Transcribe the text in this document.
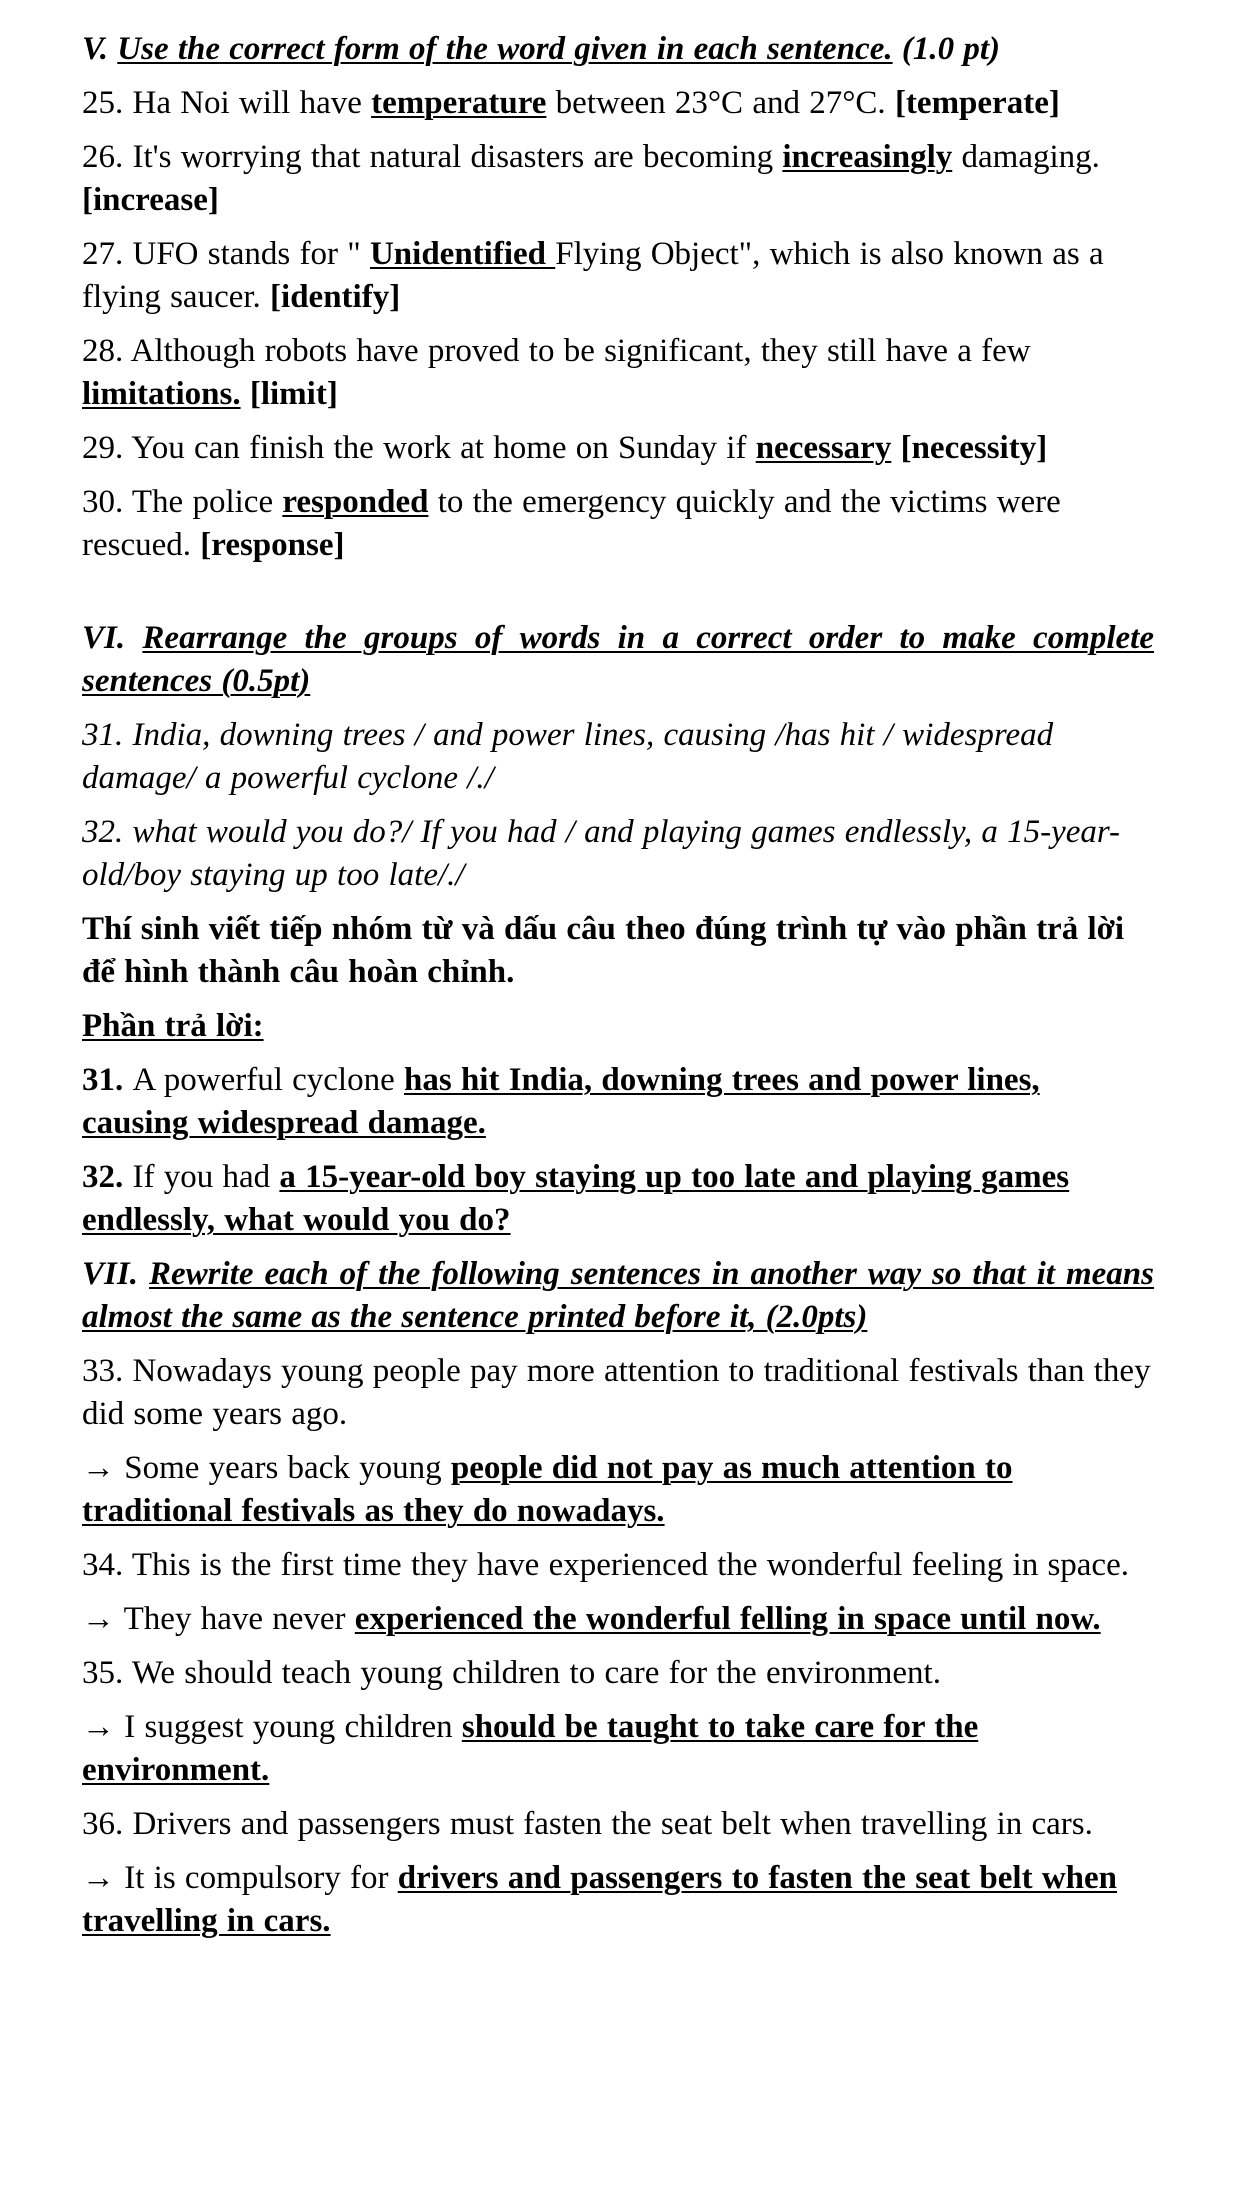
V. Use the correct form of the word given in each sentence. (1.0 pt)

25. Ha Noi will have temperature between 23°C and 27°C. [temperate]

26. It's worrying that natural disasters are becoming increasingly damaging. [increase]

27. UFO stands for " Unidentified Flying Object", which is also known as a flying saucer. [identify]

28. Although robots have proved to be significant, they still have a few limitations. [limit]

29. You can finish the work at home on Sunday if necessary [necessity]

30. The police responded to the emergency quickly and the victims were rescued. [response]

VI. Rearrange the groups of words in a correct order to make complete sentences (0.5pt)

31. India, downing trees / and power lines, causing /has hit / widespread damage/ a powerful cyclone /./

32. what would you do?/ If you had / and playing games endlessly, a 15-year-old/boy staying up too late/./

Thí sinh viết tiếp nhóm từ và dấu câu theo đúng trình tự vào phần trả lời để hình thành câu hoàn chỉnh.

Phần trả lời:

31. A powerful cyclone has hit India, downing trees and power lines, causing widespread damage.

32. If you had a 15-year-old boy staying up too late and playing games endlessly, what would you do?

VII. Rewrite each of the following sentences in another way so that it means almost the same as the sentence printed before it, (2.0pts)

33. Nowadays young people pay more attention to traditional festivals than they did some years ago.

→ Some years back young people did not pay as much attention to traditional festivals as they do nowadays.

34. This is the first time they have experienced the wonderful feeling in space.

→ They have never experienced the wonderful felling in space until now.

35. We should teach young children to care for the environment.

→ I suggest young children should be taught to take care for the environment.

36. Drivers and passengers must fasten the seat belt when travelling in cars.

→ It is compulsory for drivers and passengers to fasten the seat belt when travelling in cars.
